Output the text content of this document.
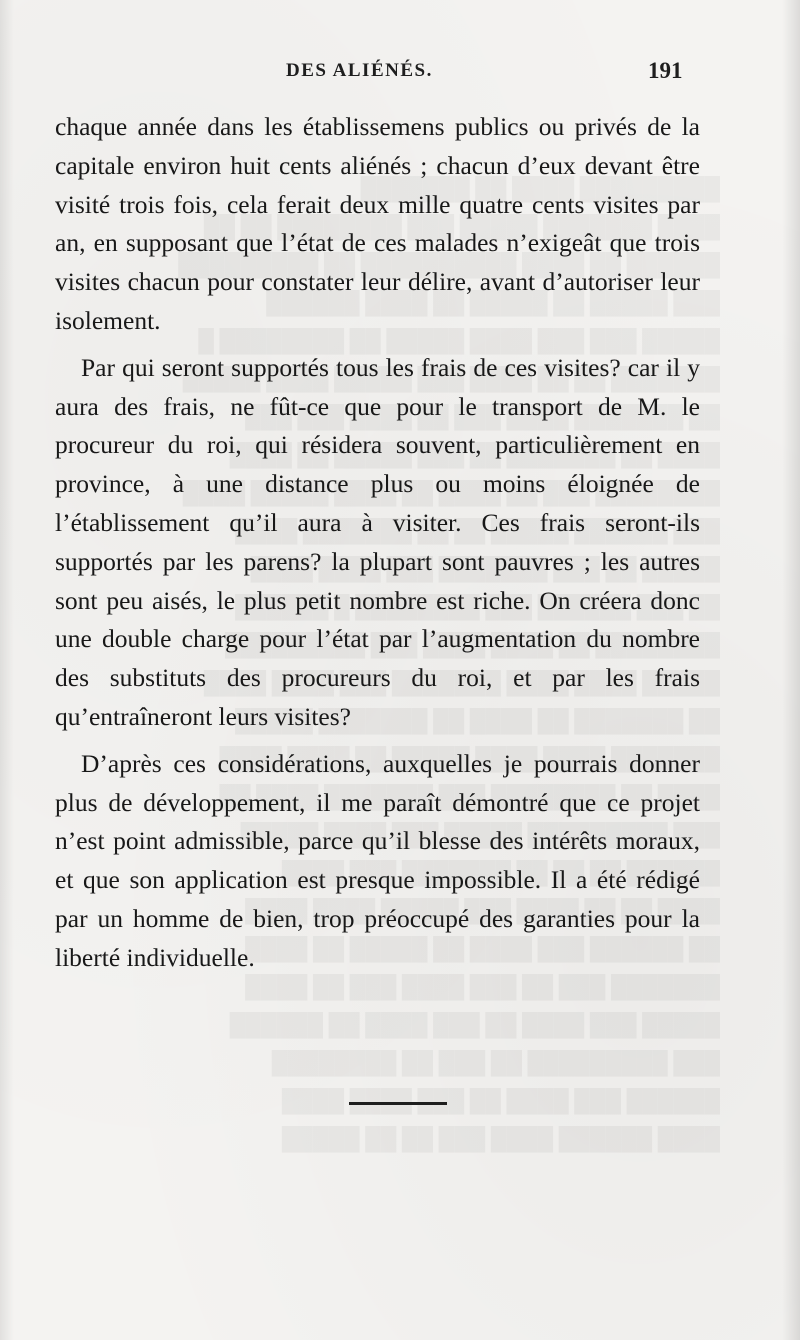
DES ALIÉNÉS.	191

chaque année dans les établissemens publics ou privés de la capitale environ huit cents aliénés ; chacun d’eux devant être visité trois fois, cela ferait deux mille quatre cents visites par an, en supposant que l’état de ces malades n’exigeât que trois visites chacun pour constater leur délire, avant d’autoriser leur isolement.

Par qui seront supportés tous les frais de ces visites? car il y aura des frais, ne fût-ce que pour le transport de M. le procureur du roi, qui résidera souvent, particulièrement en province, à une distance plus ou moins éloignée de l’établissement qu’il aura à visiter. Ces frais seront-ils supportés par les parens? la plupart sont pauvres ; les autres sont peu aisés, le plus petit nombre est riche. On créera donc une double charge pour l’état par l’augmentation du nombre des substituts des procureurs du roi, et par les frais qu’entraîneront leurs visites?

D’après ces considérations, auxquelles je pourrais donner plus de développement, il me paraît démontré que ce projet n’est point admissible, parce qu’il blesse des intérêts moraux, et que son application est presque impossible. Il a été rédigé par un homme de bien, trop préoccupé des garanties pour la liberté individuelle.
